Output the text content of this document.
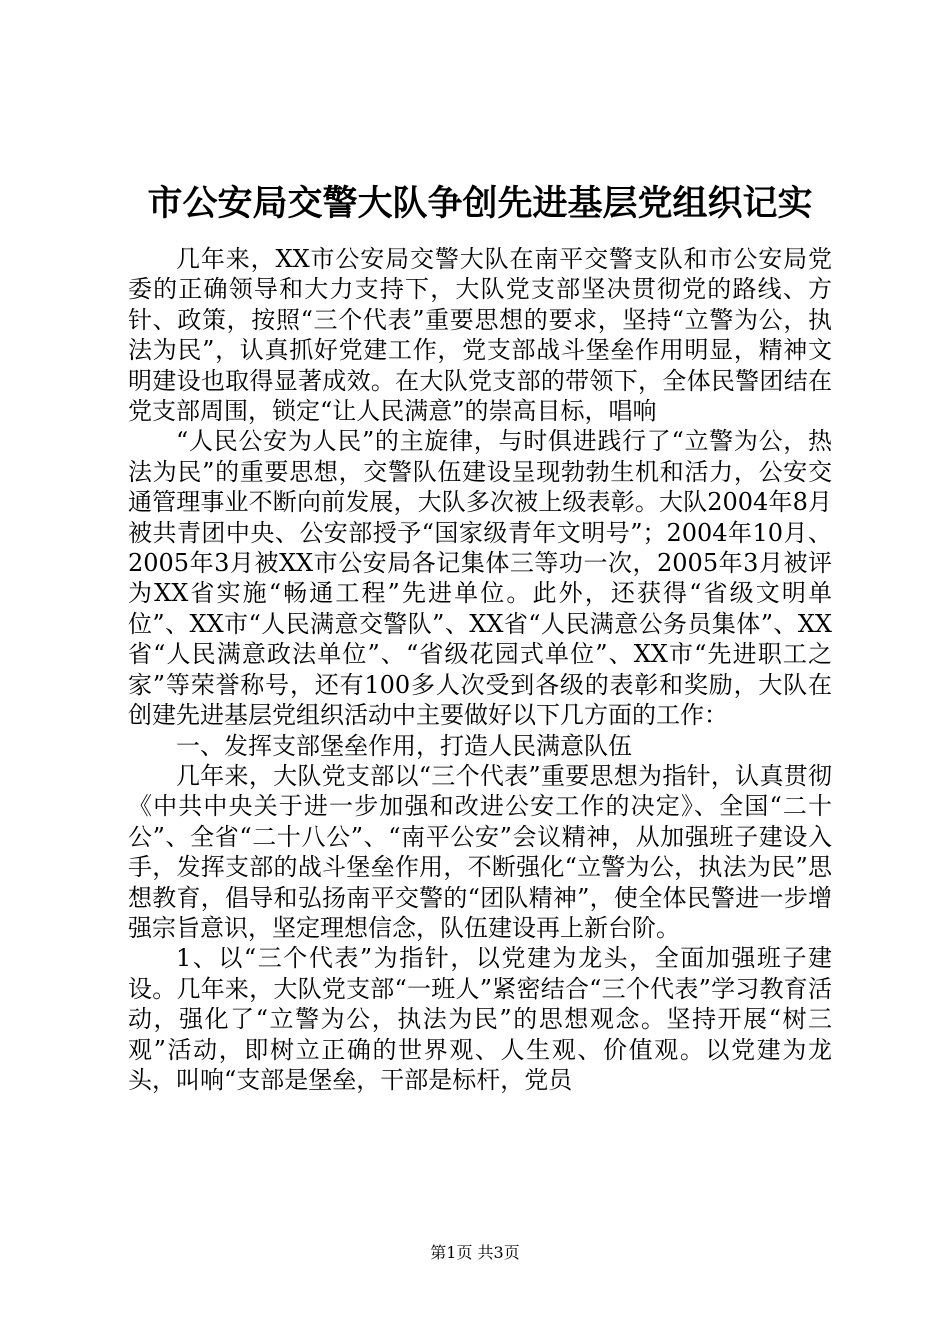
市公安局交警大队争创先进基层党组织记实

几年来，XX市公安局交警大队在南平交警支队和市公安局党委的正确领导和大力支持下，大队党支部坚决贯彻党的路线、方针、政策，按照“三个代表”重要思想的要求，坚持“立警为公，执法为民”，认真抓好党建工作，党支部战斗堡垒作用明显，精神文明建设也取得显著成效。在大队党支部的带领下，全体民警团结在党支部周围，锁定“让人民满意”的崇高目标，唱响

“人民公安为人民”的主旋律，与时俱进践行了“立警为公，热法为民”的重要思想，交警队伍建设呈现勃勃生机和活力，公安交通管理事业不断向前发展，大队多次被上级表彰。大队2004年8月被共青团中央、公安部授予“国家级青年文明号”；2004年10月、2005年3月被XX市公安局各记集体三等功一次，2005年3月被评为XX省实施“畅通工程”先进单位。此外，还获得“省级文明单位”、XX市“人民满意交警队”、XX省“人民满意公务员集体”、XX省“人民满意政法单位”、“省级花园式单位”、XX市“先进职工之家”等荣誉称号，还有100多人次受到各级的表彰和奖励，大队在创建先进基层党组织活动中主要做好以下几方面的工作：

一、发挥支部堡垒作用，打造人民满意队伍

几年来，大队党支部以“三个代表”重要思想为指针，认真贯彻《中共中央关于进一步加强和改进公安工作的决定》、全国“二十公”、全省“二十八公”、“南平公安”会议精神，从加强班子建设入手，发挥支部的战斗堡垒作用，不断强化“立警为公，执法为民”思想教育，倡导和弘扬南平交警的“团队精神”，使全体民警进一步增强宗旨意识，坚定理想信念，队伍建设再上新台阶。

1、以“三个代表”为指针，以党建为龙头，全面加强班子建设。几年来，大队党支部“一班人”紧密结合“三个代表”学习教育活动，强化了“立警为公，执法为民”的思想观念。坚持开展“树三观”活动，即树立正确的世界观、人生观、价值观。以党建为龙头，叫响“支部是堡垒，干部是标杆，党员

第1页 共3页
